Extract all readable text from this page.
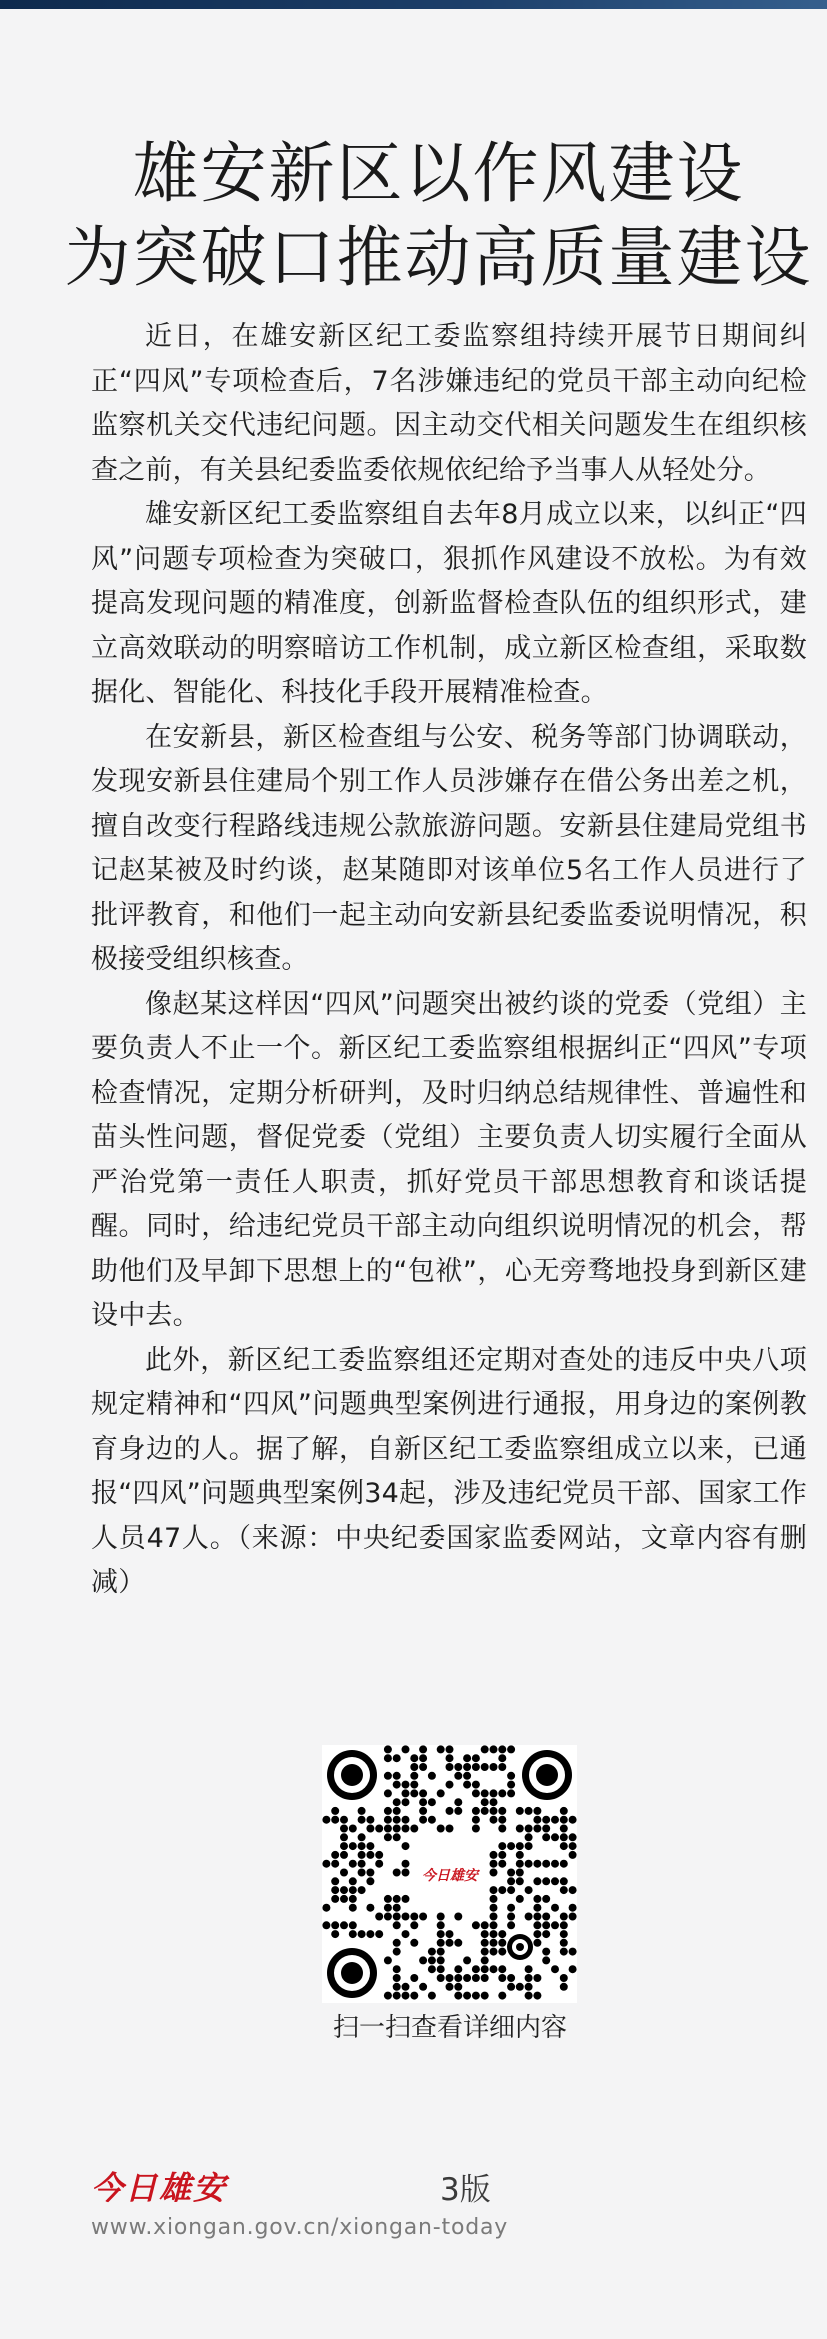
雄安新区以作风建设
为突破口推动高质量建设

近日，在雄安新区纪工委监察组持续开展节日期间纠正“四风”专项检查后，7名涉嫌违纪的党员干部主动向纪检监察机关交代违纪问题。因主动交代相关问题发生在组织核查之前，有关县纪委监委依规依纪给予当事人从轻处分。

雄安新区纪工委监察组自去年8月成立以来，以纠正“四风”问题专项检查为突破口，狠抓作风建设不放松。为有效提高发现问题的精准度，创新监督检查队伍的组织形式，建立高效联动的明察暗访工作机制，成立新区检查组，采取数据化、智能化、科技化手段开展精准检查。

在安新县，新区检查组与公安、税务等部门协调联动，发现安新县住建局个别工作人员涉嫌存在借公务出差之机，擅自改变行程路线违规公款旅游问题。安新县住建局党组书记赵某被及时约谈，赵某随即对该单位5名工作人员进行了批评教育，和他们一起主动向安新县纪委监委说明情况，积极接受组织核查。

像赵某这样因“四风”问题突出被约谈的党委（党组）主要负责人不止一个。新区纪工委监察组根据纠正“四风”专项检查情况，定期分析研判，及时归纳总结规律性、普遍性和苗头性问题，督促党委（党组）主要负责人切实履行全面从严治党第一责任人职责，抓好党员干部思想教育和谈话提醒。同时，给违纪党员干部主动向组织说明情况的机会，帮助他们及早卸下思想上的“包袱”，心无旁骛地投身到新区建设中去。

此外，新区纪工委监察组还定期对查处的违反中央八项规定精神和“四风”问题典型案例进行通报，用身边的案例教育身边的人。据了解，自新区纪工委监察组成立以来，已通报“四风”问题典型案例34起，涉及违纪党员干部、国家工作人员47人。（来源：中央纪委国家监委网站，文章内容有删减）

今日雄安
扫一扫查看详细内容
今日雄安	3版
www.xiongan.gov.cn/xiongan-today
